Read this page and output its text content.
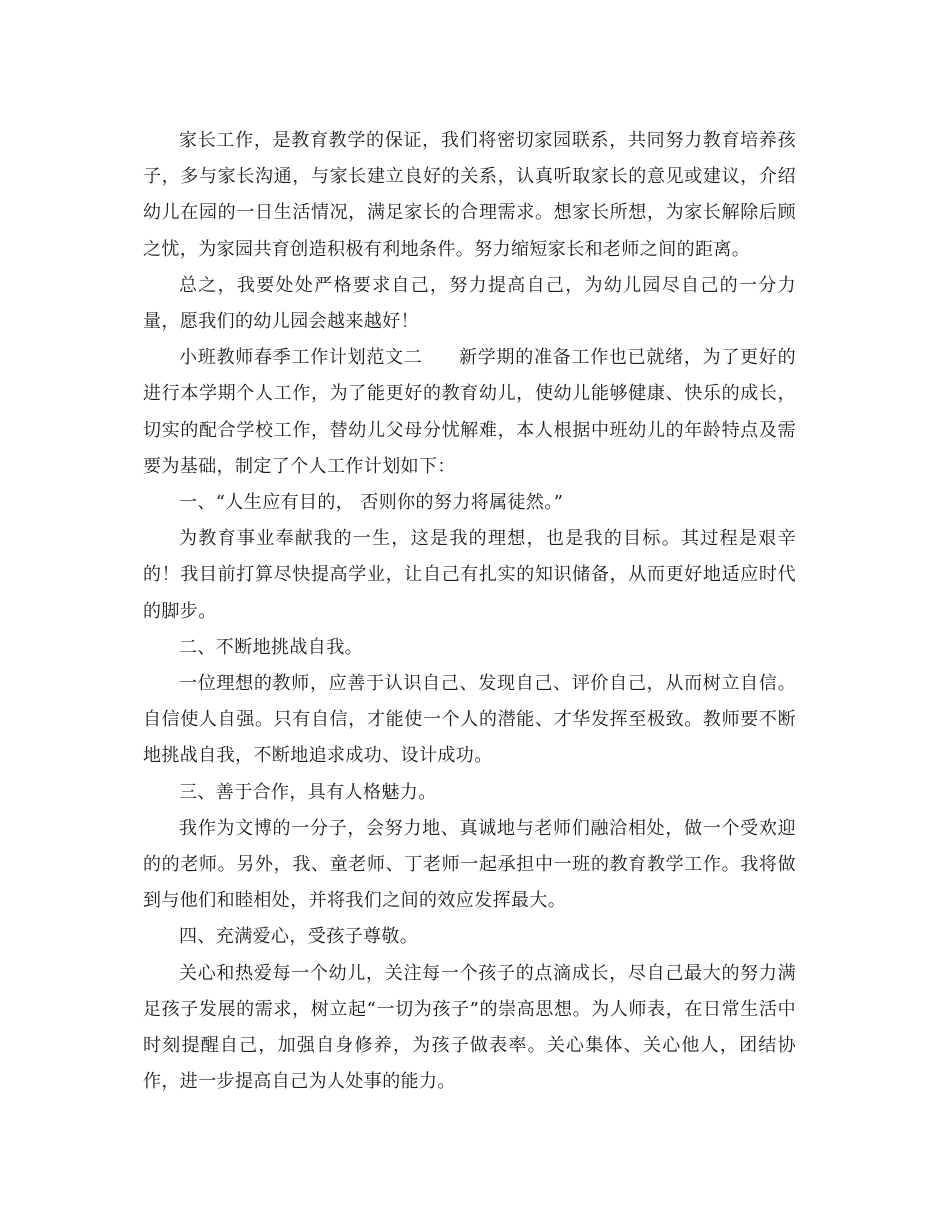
家长工作，是教育教学的保证，我们将密切家园联系，共同努力教育培养孩子，多与家长沟通，与家长建立良好的关系，认真听取家长的意见或建议，介绍幼儿在园的一日生活情况，满足家长的合理需求。想家长所想，为家长解除后顾之忧，为家园共育创造积极有利地条件。努力缩短家长和老师之间的距离。

总之，我要处处严格要求自己，努力提高自己，为幼儿园尽自己的一分力量，愿我们的幼儿园会越来越好！

小班教师春季工作计划范文二 新学期的准备工作也已就绪，为了更好的进行本学期个人工作，为了能更好的教育幼儿，使幼儿能够健康、快乐的成长，切实的配合学校工作，替幼儿父母分忧解难，本人根据中班幼儿的年龄特点及需要为基础，制定了个人工作计划如下：

一、“人生应有目的， 否则你的努力将属徒然。”

为教育事业奉献我的一生，这是我的理想，也是我的目标。其过程是艰辛的！我目前打算尽快提高学业，让自己有扎实的知识储备，从而更好地适应时代的脚步。

二、不断地挑战自我。

一位理想的教师，应善于认识自己、发现自己、评价自己，从而树立自信。自信使人自强。只有自信，才能使一个人的潜能、才华发挥至极致。教师要不断地挑战自我，不断地追求成功、设计成功。

三、善于合作，具有人格魅力。

我作为文博的一分子，会努力地、真诚地与老师们融洽相处，做一个受欢迎的的老师。另外，我、童老师、丁老师一起承担中一班的教育教学工作。我将做到与他们和睦相处，并将我们之间的效应发挥最大。

四、充满爱心，受孩子尊敬。

关心和热爱每一个幼儿，关注每一个孩子的点滴成长，尽自己最大的努力满足孩子发展的需求，树立起“一切为孩子”的崇高思想。为人师表，在日常生活中时刻提醒自己，加强自身修养，为孩子做表率。关心集体、关心他人，团结协作，进一步提高自己为人处事的能力。
